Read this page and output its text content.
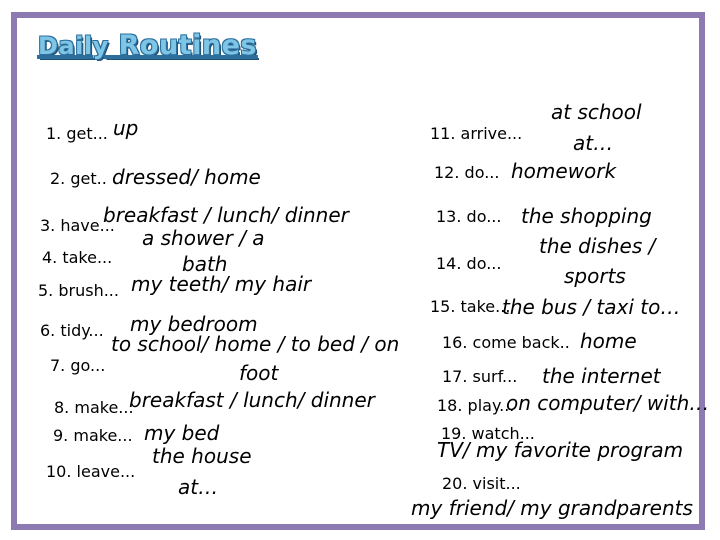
Daily Routines
1. get... up
2. get.. dressed/ home
3. have...
breakfast / lunch/ dinner
4. take...
a shower / a
bath
5. brush... my teeth/ my hair
6. tidy... my bedroom
7. go...
to school/ home / to bed / on
foot
8. make...
breakfast / lunch/ dinner
9. make... my bed
10. leave...
the house
at…
11. arrive...
at school
at…
12. do... homework
13. do... the shopping
14. do...
the dishes /
sports
15. take...
the bus / taxi to…
16. come back.. home
17. surf... the internet
18. play...
on computer/ with…
19. watch...
TV/ my favorite program
20. visit...
my friend/ my grandparents
